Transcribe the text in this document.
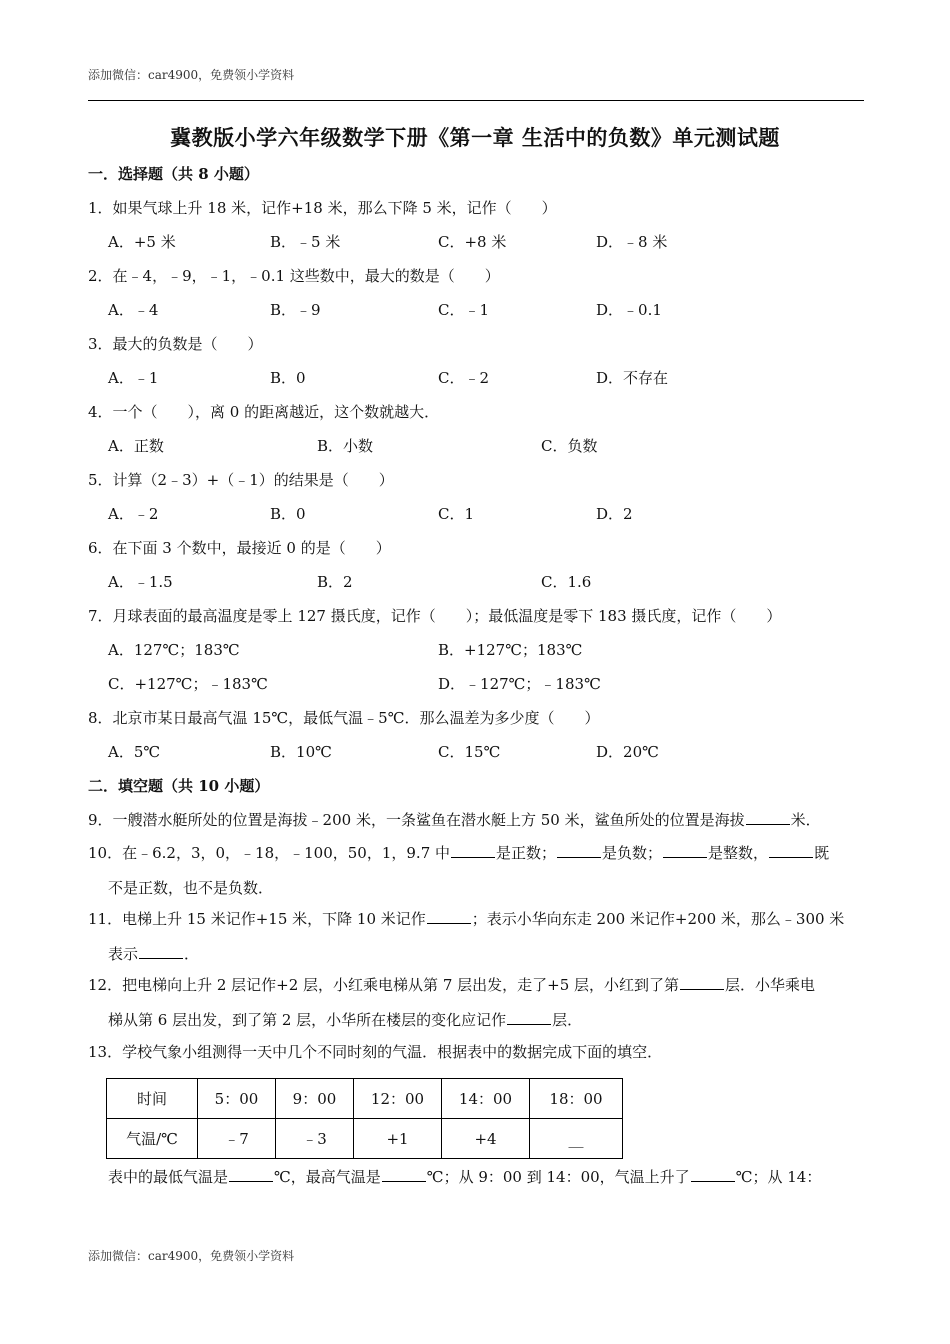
添加微信：car4900，免费领小学资料
冀教版小学六年级数学下册《第一章 生活中的负数》单元测试题
一．选择题（共 8 小题）
1．如果气球上升 18 米，记作+18 米，那么下降 5 米，记作（　　）
A．+5 米	B．﹣5 米	C．+8 米	D．﹣8 米
2．在﹣4，﹣9，﹣1，﹣0.1 这些数中，最大的数是（　　）
A．﹣4	B．﹣9	C．﹣1	D．﹣0.1
3．最大的负数是（　　）
A．﹣1	B．0	C．﹣2	D．不存在
4．一个（　　），离 0 的距离越近，这个数就越大．
A．正数	B．小数	C．负数
5．计算（2﹣3）+（﹣1）的结果是（　　）
A．﹣2	B．0	C．1	D．2
6．在下面 3 个数中，最接近 0 的是（　　）
A．﹣1.5	B．2	C．1.6
7．月球表面的最高温度是零上 127 摄氏度，记作（　　）；最低温度是零下 183 摄氏度，记作（　　）
A．127℃；183℃	B．+127℃；183℃
C．+127℃；﹣183℃	D．﹣127℃；﹣183℃
8．北京市某日最高气温 15℃，最低气温﹣5℃．那么温差为多少度（　　）
A．5℃	B．10℃	C．15℃	D．20℃
二．填空题（共 10 小题）
9．一艘潜水艇所处的位置是海拔﹣200 米，一条鲨鱼在潜水艇上方 50 米，鲨鱼所处的位置是海拔	米．
10．在﹣6.2，3，0，﹣18，﹣100，50，1，9.7 中	是正数；	是负数；	是整数，	既
不是正数，也不是负数．
11．电梯上升 15 米记作+15 米，下降 10 米记作	；表示小华向东走 200 米记作+200 米，那么﹣300 米
表示	．
12．把电梯向上升 2 层记作+2 层，小红乘电梯从第 7 层出发，走了+5 层，小红到了第	层．小华乘电
梯从第 6 层出发，到了第 2 层，小华所在楼层的变化应记作	层．
13．学校气象小组测得一天中几个不同时刻的气温．根据表中的数据完成下面的填空．
时间	5：00	9：00	12：00	14：00	18：00
气温/℃	﹣7	﹣3	+1	+4	__
表中的最低气温是	℃，最高气温是	℃；从 9：00 到 14：00，气温上升了	℃；从 14：
添加微信：car4900，免费领小学资料
